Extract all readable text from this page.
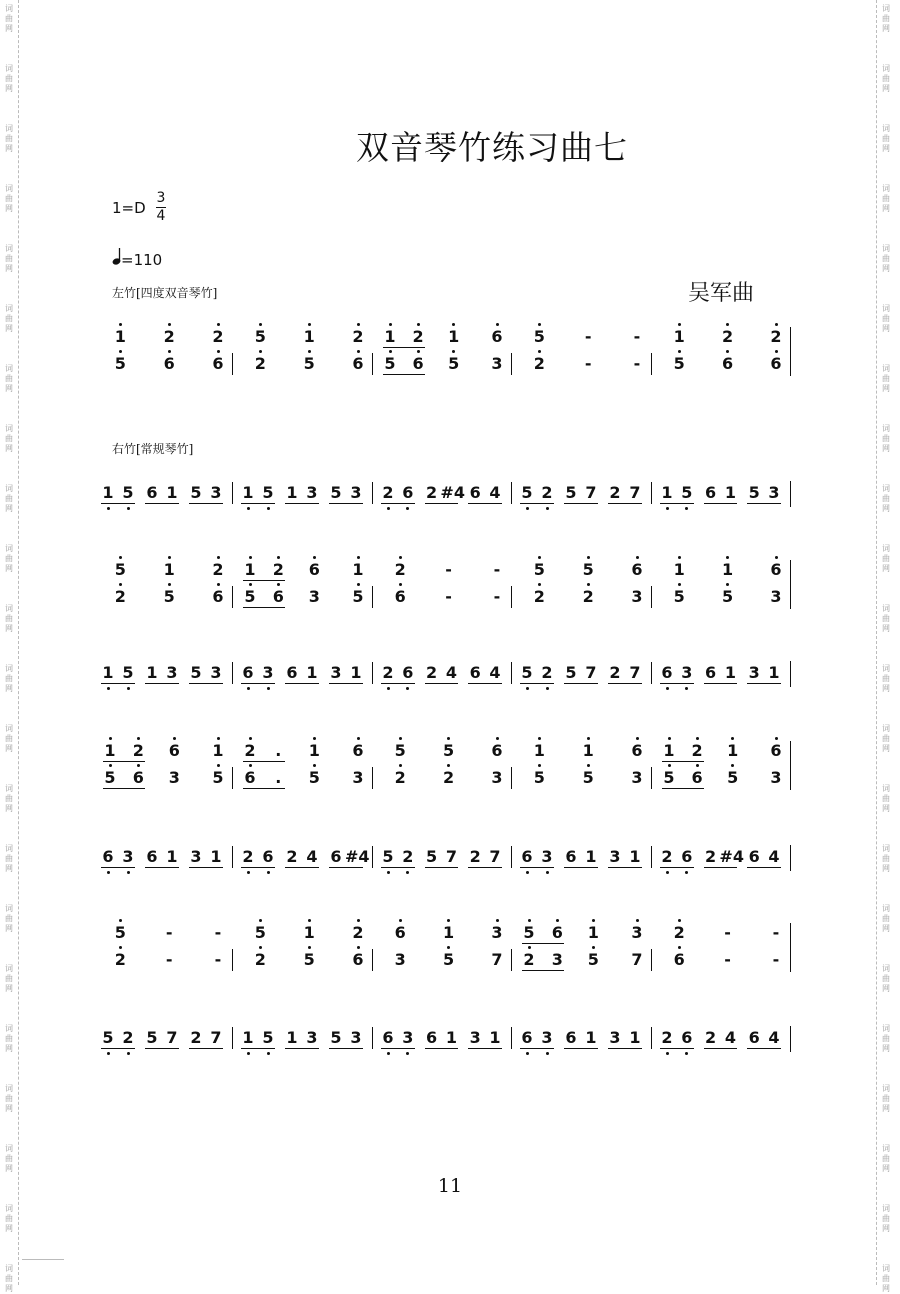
词
曲
网
词
曲
网
词
曲
网
词
曲
网
词
曲
网
词
曲
网
词
曲
网
词
曲
网
词
曲
网
词
曲
网
词
曲
网
词
曲
网
词
曲
网
词
曲
网
词
曲
网
词
曲
网
词
曲
网
词
曲
网
词
曲
网
词
曲
网
词
曲
网
词
曲
网
词
曲
网
词
曲
网
词
曲
网
词
曲
网
词
曲
网
词
曲
网
词
曲
网
词
曲
网
词
曲
网
词
曲
网
词
曲
网
词
曲
网
词
曲
网
词
曲
网
词
曲
网
词
曲
网
词
曲
网
词
曲
网
词
曲
网
词
曲
网
词
曲
网
词
曲
网
双音琴竹练习曲七
1=D
3
4
=110
吴军曲
左竹[四度双音琴竹]
右竹[常规琴竹]
1 2 2 5 1 2 1 2 1 6 5 -	- 1 2 2
5 6 6 2 5 6 5 6 5 3 2 -	- 5 6 6
1 5 6 1 5 3 1 5 1 3 5 3 2 6 2 #4 6 4 5 2 5 7 2 7 1 5 6 1 5 3
5 1 2 1 2 6 1 2 -	- 5 5 6 1 1 6
2 5 6 5 6 3 5 6 -	- 2 2 3 5 5 3
1 5 1 3 5 3 6 3 6 1 3 1 2 6 2 4 6 4 5 2 5 7 2 7 6 3 6 1 3 1
1 2 6 1 2 . 1 6 5 5 6 1 1 6 1 2 1 6
5 6 3 5 6 . 5 3 2 2 3 5 5 3 5 6 5 3
6 3 6 1 3 1 2 6 2 4 6 #4 5 2 5 7 2 7 6 3 6 1 3 1 2 6 2 #4 6 4
5 -	- 5 1 2 6 1 3 5 6 1 3 2 -	-
2 -	- 2 5 6 3 5 7 2 3 5 7 6 -	-
5 2 5 7 2 7 1 5 1 3 5 3 6 3 6 1 3 1 6 3 6 1 3 1 2 6 2 4 6 4
11
